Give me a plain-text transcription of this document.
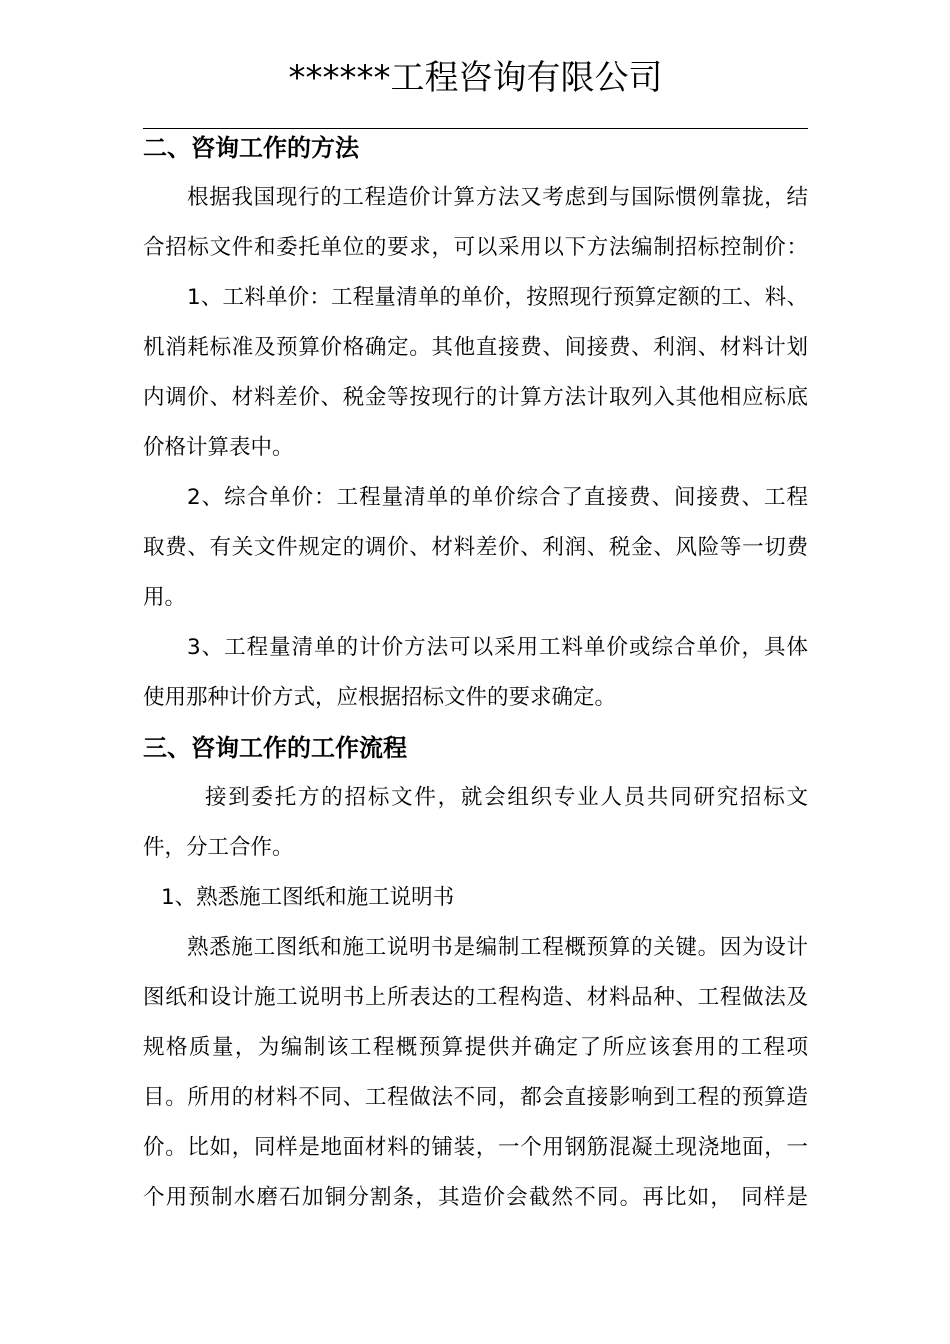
******工程咨询有限公司
二、咨询工作的方法
根据我国现行的工程造价计算方法又考虑到与国际惯例靠拢，结
合招标文件和委托单位的要求，可以采用以下方法编制招标控制价：
1、工料单价：工程量清单的单价，按照现行预算定额的工、料、
机消耗标准及预算价格确定。其他直接费、间接费、利润、材料计划
内调价、材料差价、税金等按现行的计算方法计取列入其他相应标底
价格计算表中。
2、综合单价：工程量清单的单价综合了直接费、间接费、工程
取费、有关文件规定的调价、材料差价、利润、税金、风险等一切费
用。
3、工程量清单的计价方法可以采用工料单价或综合单价，具体
使用那种计价方式，应根据招标文件的要求确定。
三、咨询工作的工作流程
接到委托方的招标文件，就会组织专业人员共同研究招标文
件，分工合作。
1、熟悉施工图纸和施工说明书
熟悉施工图纸和施工说明书是编制工程概预算的关键。因为设计
图纸和设计施工说明书上所表达的工程构造、材料品种、工程做法及
规格质量，为编制该工程概预算提供并确定了所应该套用的工程项
目。所用的材料不同、工程做法不同，都会直接影响到工程的预算造
价。比如，同样是地面材料的铺装，一个用钢筋混凝土现浇地面，一
个用预制水磨石加铜分割条，其造价会截然不同。再比如， 同样是
